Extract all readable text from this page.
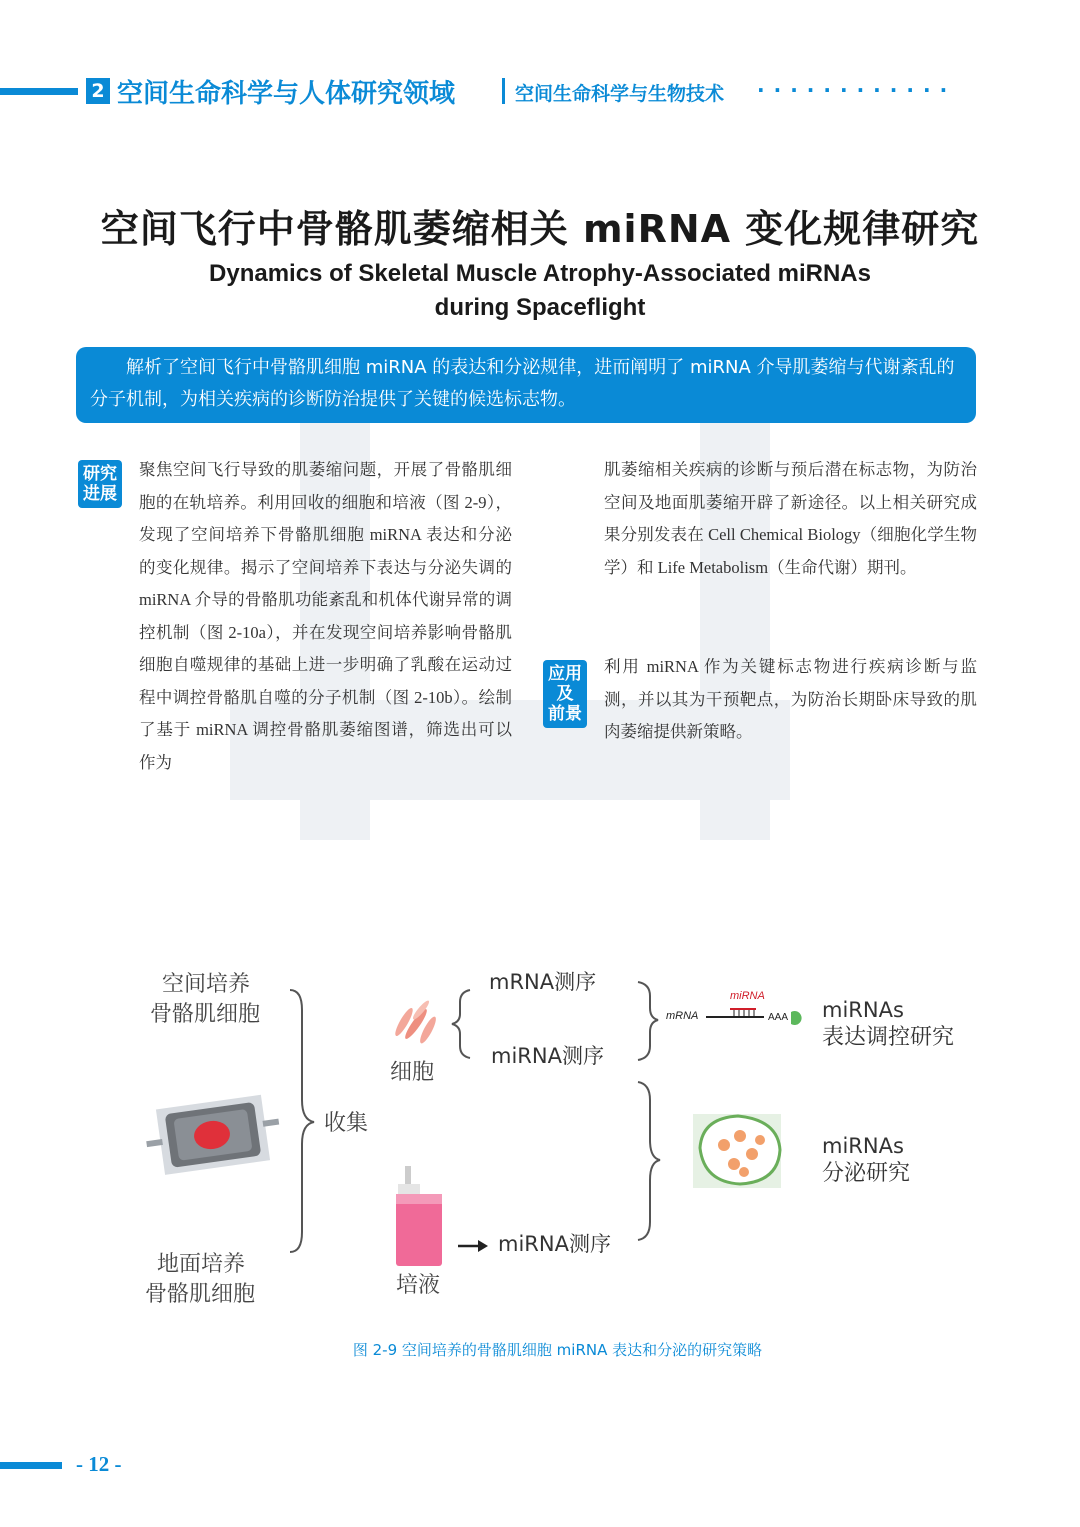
2 空间生命科学与人体研究领域	空间生命科学与生物技术 ············
空间飞行中骨骼肌萎缩相关 miRNA 变化规律研究
Dynamics of Skeletal Muscle Atrophy-Associated miRNAs
during Spaceflight
解析了空间飞行中骨骼肌细胞 miRNA 的表达和分泌规律，进而阐明了 miRNA 介导肌萎缩与代谢紊乱的分子机制，为相关疾病的诊断防治提供了关键的候选标志物。
研究
进展
聚焦空间飞行导致的肌萎缩问题，开展了骨骼肌细胞的在轨培养。利用回收的细胞和培液（图 2-9），发现了空间培养下骨骼肌细胞 miRNA 表达和分泌的变化规律。揭示了空间培养下表达与分泌失调的 miRNA 介导的骨骼肌功能紊乱和机体代谢异常的调控机制（图 2-10a），并在发现空间培养影响骨骼肌细胞自噬规律的基础上进一步明确了乳酸在运动过程中调控骨骼肌自噬的分子机制（图 2-10b）。绘制了基于 miRNA 调控骨骼肌萎缩图谱，筛选出可以作为
肌萎缩相关疾病的诊断与预后潜在标志物，为防治空间及地面肌萎缩开辟了新途径。以上相关研究成果分别发表在 Cell Chemical Biology（细胞化学生物学）和 Life Metabolism（生命代谢）期刊。
应用
及
前景
利用 miRNA 作为关键标志物进行疾病诊断与监测，并以其为干预靶点，为防治长期卧床导致的肌肉萎缩提供新策略。
空间培养
骨骼肌细胞
地面培养
骨骼肌细胞
收集
细胞
培液
mRNA测序
miRNA测序
miRNA测序
miRNA
mRNA	AAA miRNAs
表达调控研究
miRNAs
分泌研究
图 2-9 空间培养的骨骼肌细胞 miRNA 表达和分泌的研究策略
- 12 -
